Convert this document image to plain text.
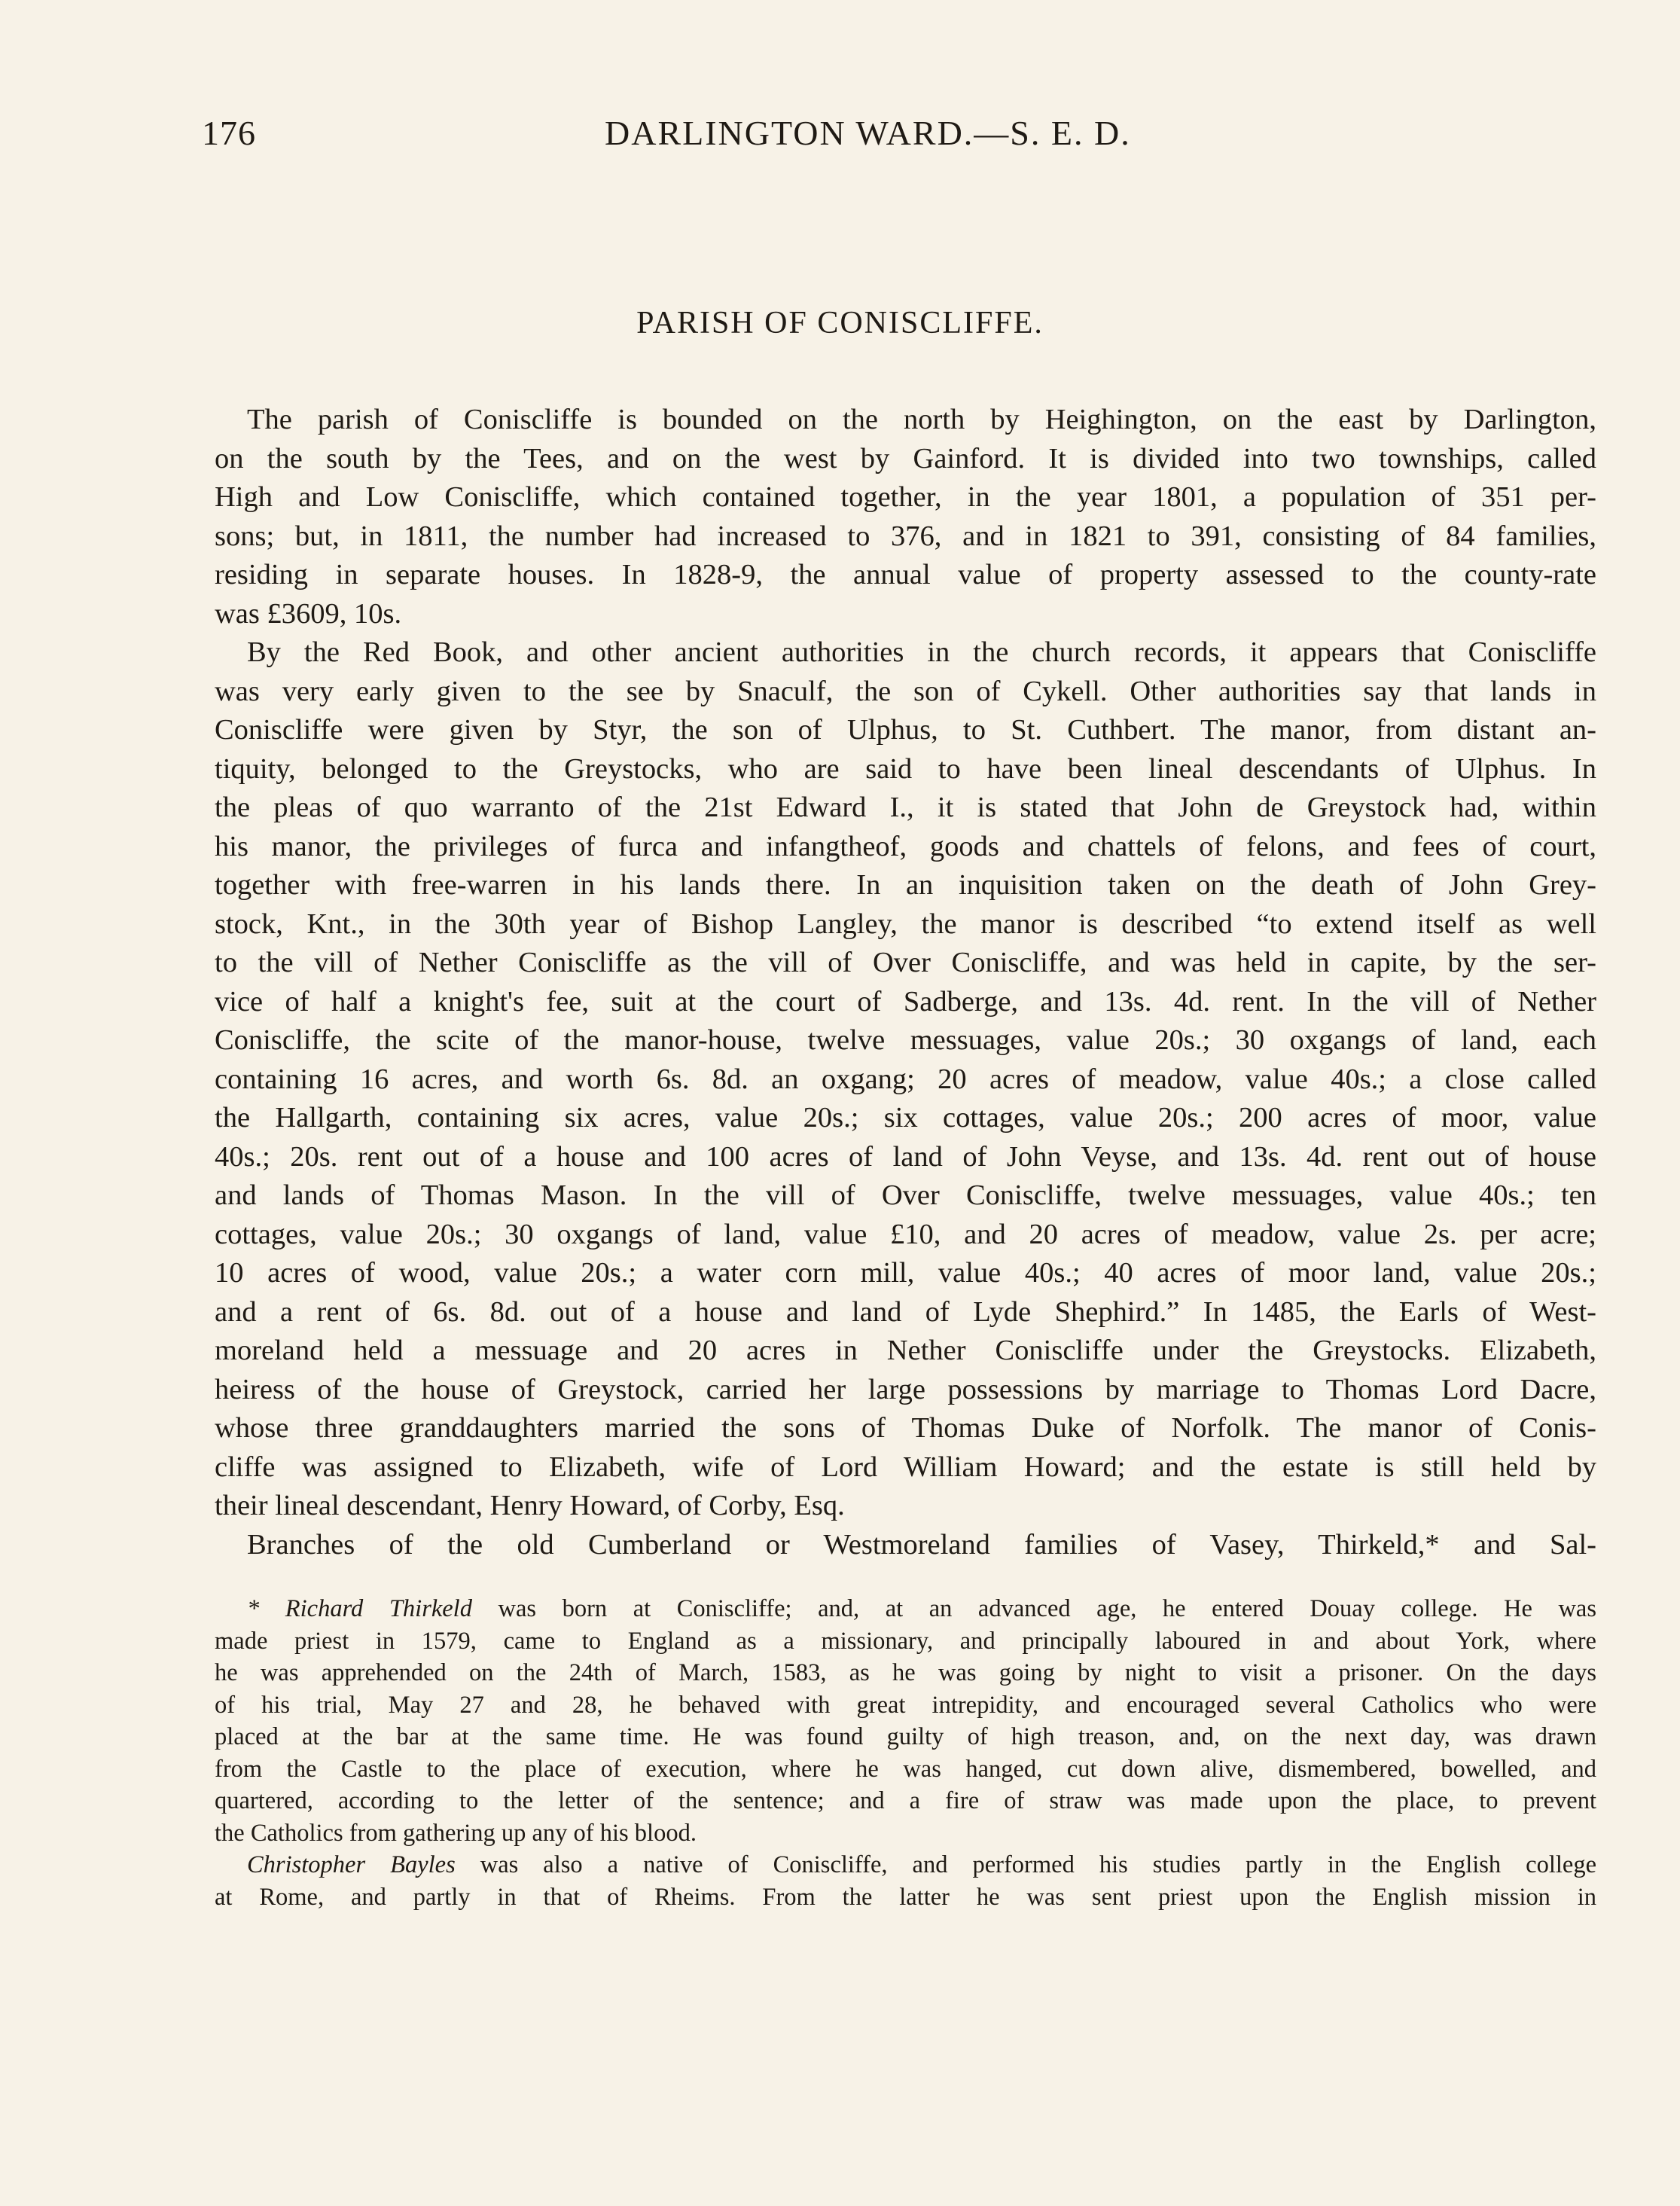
176	DARLINGTON WARD.—S. E. D.
PARISH OF CONISCLIFFE.
The parish of Coniscliffe is bounded on the north by Heighington, on the east by Darlington,
on the south by the Tees, and on the west by Gainford. It is divided into two townships, called
High and Low Coniscliffe, which contained together, in the year 1801, a population of 351 per-
sons; but, in 1811, the number had increased to 376, and in 1821 to 391, consisting of 84 families,
residing in separate houses. In 1828-9, the annual value of property assessed to the county-rate
was £3609, 10s.
By the Red Book, and other ancient authorities in the church records, it appears that Coniscliffe
was very early given to the see by Snaculf, the son of Cykell. Other authorities say that lands in
Coniscliffe were given by Styr, the son of Ulphus, to St. Cuthbert. The manor, from distant an-
tiquity, belonged to the Greystocks, who are said to have been lineal descendants of Ulphus. In
the pleas of quo warranto of the 21st Edward I., it is stated that John de Greystock had, within
his manor, the privileges of furca and infangtheof, goods and chattels of felons, and fees of court,
together with free-warren in his lands there. In an inquisition taken on the death of John Grey-
stock, Knt., in the 30th year of Bishop Langley, the manor is described “to extend itself as well
to the vill of Nether Coniscliffe as the vill of Over Coniscliffe, and was held in capite, by the ser-
vice of half a knight's fee, suit at the court of Sadberge, and 13s. 4d. rent. In the vill of Nether
Coniscliffe, the scite of the manor-house, twelve messuages, value 20s.; 30 oxgangs of land, each
containing 16 acres, and worth 6s. 8d. an oxgang; 20 acres of meadow, value 40s.; a close called
the Hallgarth, containing six acres, value 20s.; six cottages, value 20s.; 200 acres of moor, value
40s.; 20s. rent out of a house and 100 acres of land of John Veyse, and 13s. 4d. rent out of house
and lands of Thomas Mason. In the vill of Over Coniscliffe, twelve messuages, value 40s.; ten
cottages, value 20s.; 30 oxgangs of land, value £10, and 20 acres of meadow, value 2s. per acre;
10 acres of wood, value 20s.; a water corn mill, value 40s.; 40 acres of moor land, value 20s.;
and a rent of 6s. 8d. out of a house and land of Lyde Shephird.” In 1485, the Earls of West-
moreland held a messuage and 20 acres in Nether Coniscliffe under the Greystocks. Elizabeth,
heiress of the house of Greystock, carried her large possessions by marriage to Thomas Lord Dacre,
whose three granddaughters married the sons of Thomas Duke of Norfolk. The manor of Conis-
cliffe was assigned to Elizabeth, wife of Lord William Howard; and the estate is still held by
their lineal descendant, Henry Howard, of Corby, Esq.
Branches of the old Cumberland or Westmoreland families of Vasey, Thirkeld,* and Sal-
* Richard Thirkeld was born at Coniscliffe; and, at an advanced age, he entered Douay college. He was
made priest in 1579, came to England as a missionary, and principally laboured in and about York, where
he was apprehended on the 24th of March, 1583, as he was going by night to visit a prisoner. On the days
of his trial, May 27 and 28, he behaved with great intrepidity, and encouraged several Catholics who were
placed at the bar at the same time. He was found guilty of high treason, and, on the next day, was drawn
from the Castle to the place of execution, where he was hanged, cut down alive, dismembered, bowelled, and
quartered, according to the letter of the sentence; and a fire of straw was made upon the place, to prevent
the Catholics from gathering up any of his blood.
Christopher Bayles was also a native of Coniscliffe, and performed his studies partly in the English college
at Rome, and partly in that of Rheims. From the latter he was sent priest upon the English mission in
